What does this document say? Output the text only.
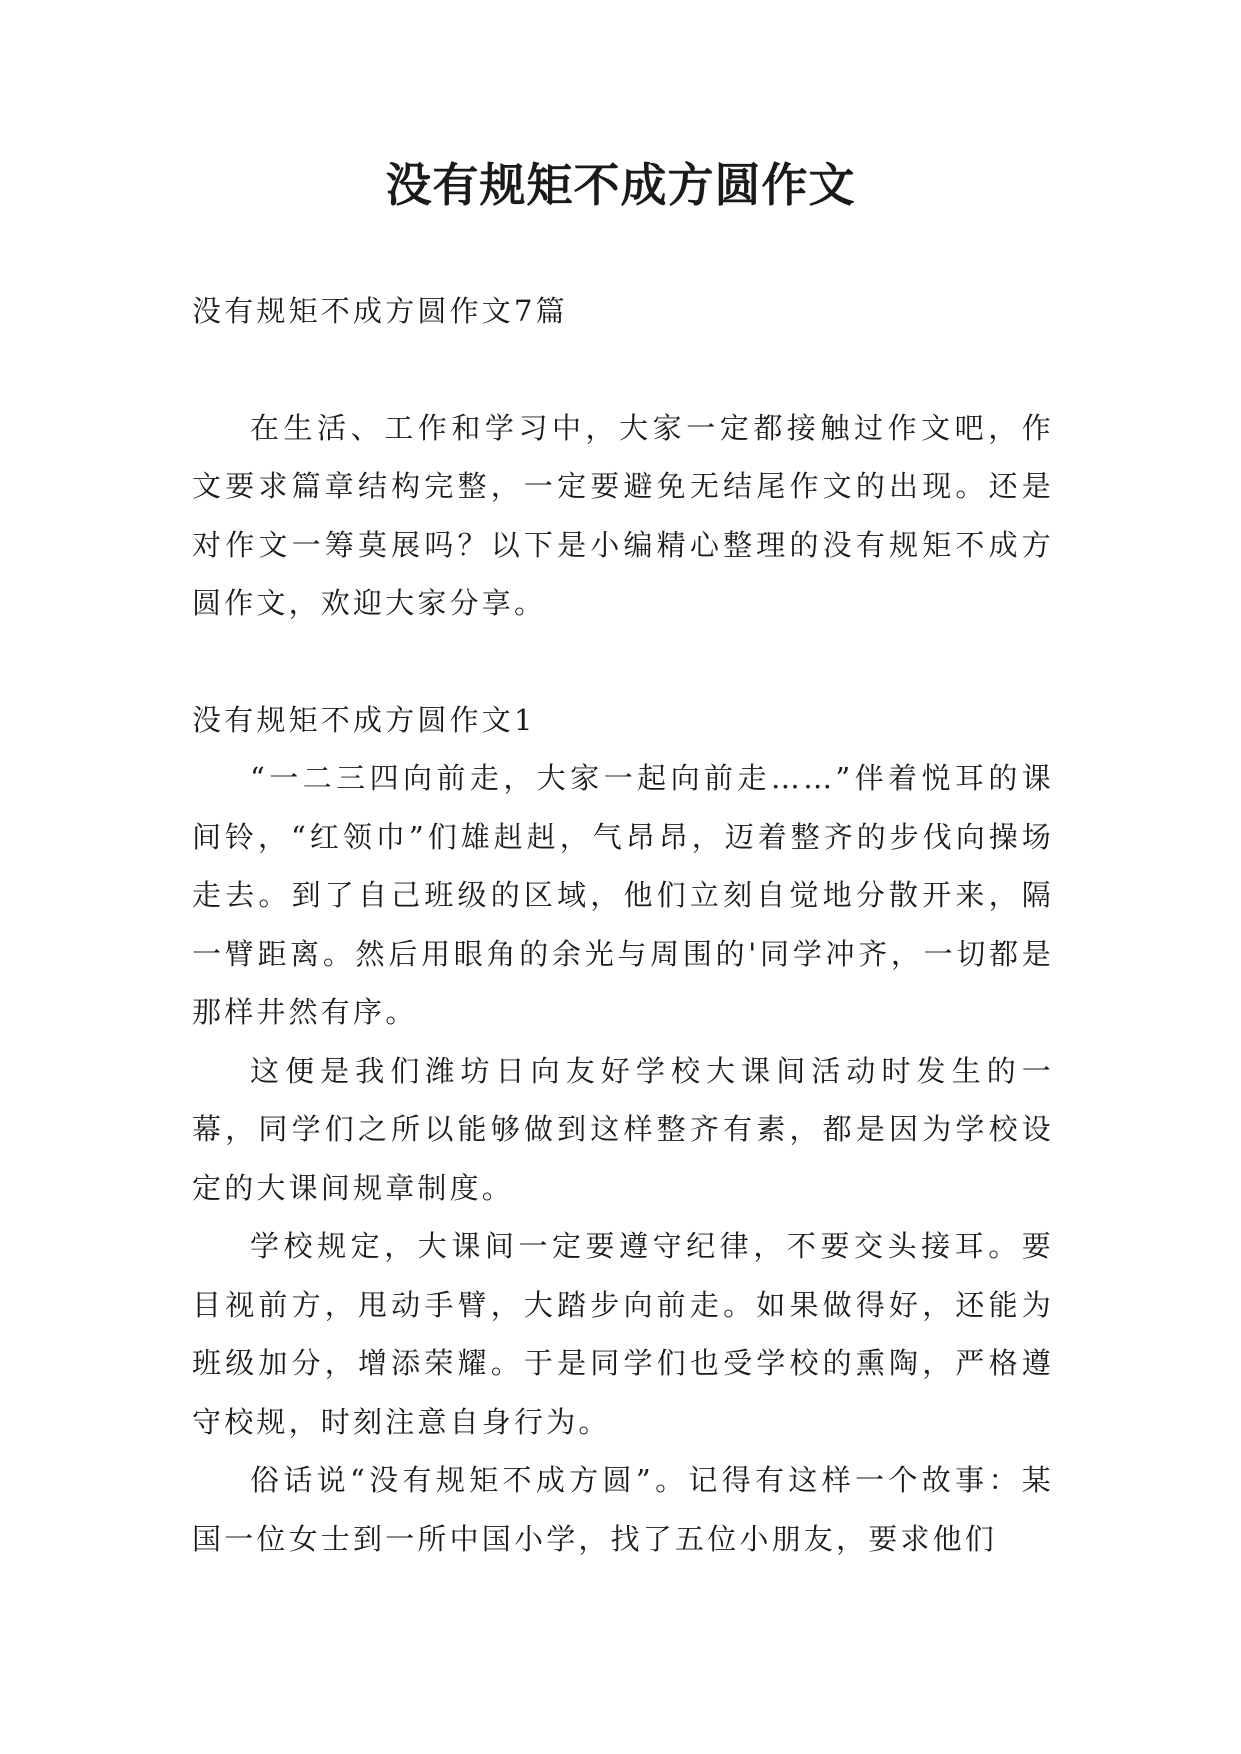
没有规矩不成方圆作文

没有规矩不成方圆作文7篇

在生活、工作和学习中，大家一定都接触过作文吧，作文要求篇章结构完整，一定要避免无结尾作文的出现。还是对作文一筹莫展吗？以下是小编精心整理的没有规矩不成方圆作文，欢迎大家分享。

没有规矩不成方圆作文1

“一二三四向前走，大家一起向前走……”伴着悦耳的课间铃，“红领巾”们雄赳赳，气昂昂，迈着整齐的步伐向操场走去。到了自己班级的区域，他们立刻自觉地分散开来，隔一臂距离。然后用眼角的余光与周围的'同学冲齐，一切都是那样井然有序。

这便是我们潍坊日向友好学校大课间活动时发生的一幕，同学们之所以能够做到这样整齐有素，都是因为学校设定的大课间规章制度。

学校规定，大课间一定要遵守纪律，不要交头接耳。要目视前方，甩动手臂，大踏步向前走。如果做得好，还能为班级加分，增添荣耀。于是同学们也受学校的熏陶，严格遵守校规，时刻注意自身行为。

俗话说“没有规矩不成方圆”。记得有这样一个故事：某国一位女士到一所中国小学，找了五位小朋友，要求他们
